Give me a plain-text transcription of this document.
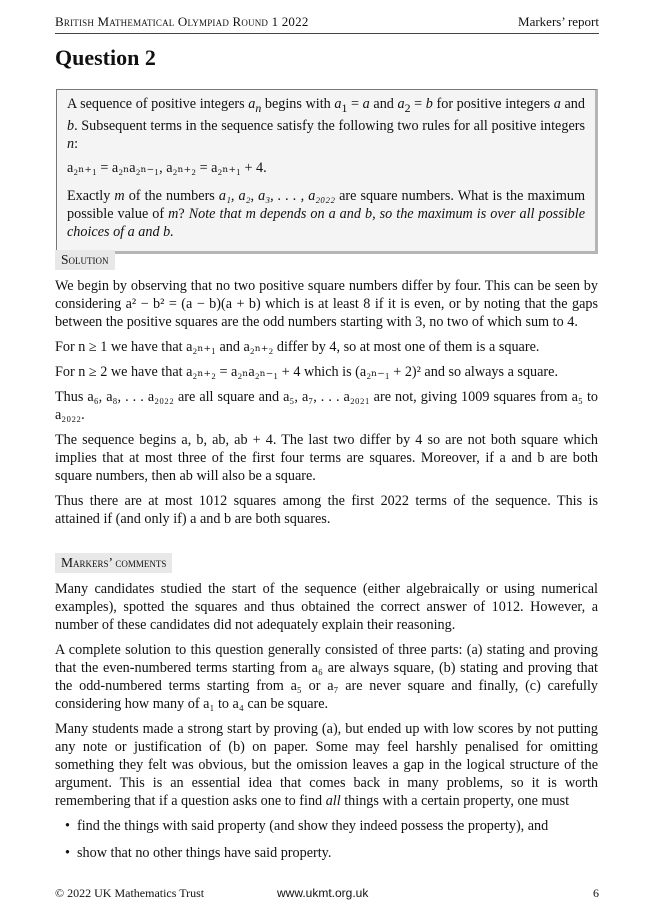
British Mathematical Olympiad Round 1 2022	Markers’ report
Question 2

A sequence of positive integers $a_n$ begins with $a_1 = a$ and $a_2 = b$ for positive integers a and b. Subsequent terms in the sequence satisfy the following two rules for all positive integers n:

a₂ₙ₊₁ = a₂ₙa₂ₙ₋₁, a₂ₙ₊₂ = a₂ₙ₊₁ + 4.

Exactly m of the numbers a₁, a₂, a₃, . . . , a₂₀₂₂ are square numbers. What is the maximum possible value of m? Note that m depends on a and b, so the maximum is over all possible choices of a and b.

Solution

We begin by observing that no two positive square numbers differ by four. This can be seen by considering a² − b² = (a − b)(a + b) which is at least 8 if it is even, or by noting that the gaps between the positive squares are the odd numbers starting with 3, no two of which sum to 4.

For n ≥ 1 we have that a₂ₙ₊₁ and a₂ₙ₊₂ differ by 4, so at most one of them is a square.

For n ≥ 2 we have that a₂ₙ₊₂ = a₂ₙa₂ₙ₋₁ + 4 which is (a₂ₙ₋₁ + 2)² and so always a square.

Thus a₆, a₈, . . . a₂₀₂₂ are all square and a₅, a₇, . . . a₂₀₂₁ are not, giving 1009 squares from a₅ to a₂₀₂₂.

The sequence begins a, b, ab, ab + 4. The last two differ by 4 so are not both square which implies that at most three of the first four terms are squares. Moreover, if a and b are both square numbers, then ab will also be a square.

Thus there are at most 1012 squares among the first 2022 terms of the sequence. This is attained if (and only if) a and b are both squares.

Markers’ comments

Many candidates studied the start of the sequence (either algebraically or using numerical examples), spotted the squares and thus obtained the correct answer of 1012. However, a number of these candidates did not adequately explain their reasoning.

A complete solution to this question generally consisted of three parts: (a) stating and proving that the even-numbered terms starting from a₆ are always square, (b) stating and proving that the odd-numbered terms starting from a₅ or a₇ are never square and finally, (c) carefully considering how many of a₁ to a₄ can be square.

Many students made a strong start by proving (a), but ended up with low scores by not putting any note or justification of (b) on paper. Some may feel harshly penalised for omitting something they felt was obvious, but the omission leaves a gap in the logical structure of the argument. This is an essential idea that comes back in many problems, so it is worth remembering that if a question asks one to find all things with a certain property, one must

• find the things with said property (and show they indeed possess the property), and
• show that no other things have said property.
© 2022 UK Mathematics Trust	www.ukmt.org.uk	6
